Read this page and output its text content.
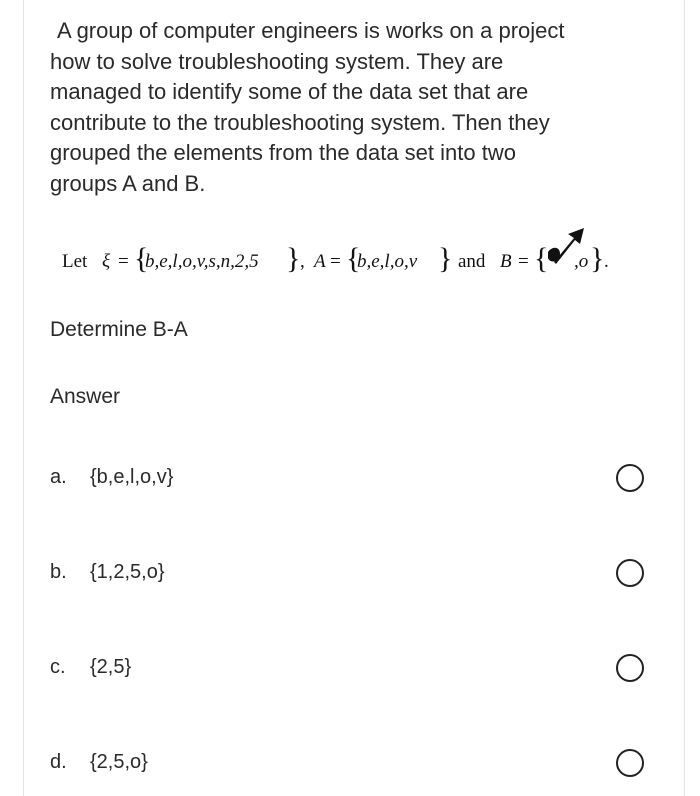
A group of computer engineers is works on a project
how to solve troubleshooting system. They are
managed to identify some of the data set that are
contribute to the troubleshooting system. Then they
grouped the elements from the data set into two
groups A and B.
Let ξ = {
b,e,l,o,v,s,n,2,5 } , A = {
b,e,l,o,v } and B = { ,o } .
Determine B-A
Answer
a. {b,e,l,o,v}
b. {1,2,5,o}
c. {2,5}
d. {2,5,o}
